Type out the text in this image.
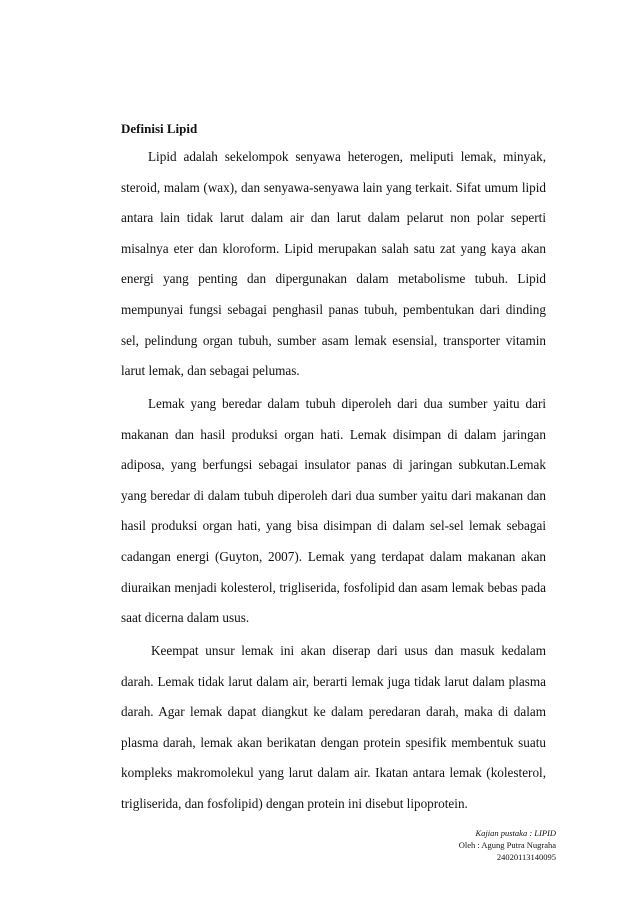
Definisi Lipid

Lipid adalah sekelompok senyawa heterogen, meliputi lemak, minyak, steroid, malam (wax), dan senyawa-senyawa lain yang terkait. Sifat umum lipid antara lain tidak larut dalam air dan larut dalam pelarut non polar seperti misalnya eter dan kloroform. Lipid merupakan salah satu zat yang kaya akan energi yang penting dan dipergunakan dalam metabolisme tubuh. Lipid mempunyai fungsi sebagai penghasil panas tubuh, pembentukan dari dinding sel, pelindung organ tubuh, sumber asam lemak esensial, transporter vitamin larut lemak, dan sebagai pelumas.

Lemak yang beredar dalam tubuh diperoleh dari dua sumber yaitu dari makanan dan hasil produksi organ hati. Lemak disimpan di dalam jaringan adiposa, yang berfungsi sebagai insulator panas di jaringan subkutan.Lemak yang beredar di dalam tubuh diperoleh dari dua sumber yaitu dari makanan dan hasil produksi organ hati, yang bisa disimpan di dalam sel-sel lemak sebagai cadangan energi (Guyton, 2007). Lemak yang terdapat dalam makanan akan diuraikan menjadi kolesterol, trigliserida, fosfolipid dan asam lemak bebas pada saat dicerna dalam usus.

Keempat unsur lemak ini akan diserap dari usus dan masuk kedalam darah. Lemak tidak larut dalam air, berarti lemak juga tidak larut dalam plasma darah. Agar lemak dapat diangkut ke dalam peredaran darah, maka di dalam plasma darah, lemak akan berikatan dengan protein spesifik membentuk suatu kompleks makromolekul yang larut dalam air. Ikatan antara lemak (kolesterol, trigliserida, dan fosfolipid) dengan protein ini disebut lipoprotein.

Kajian pustaka : LIPID
Oleh : Agung Putra Nugraha
24020113140095
